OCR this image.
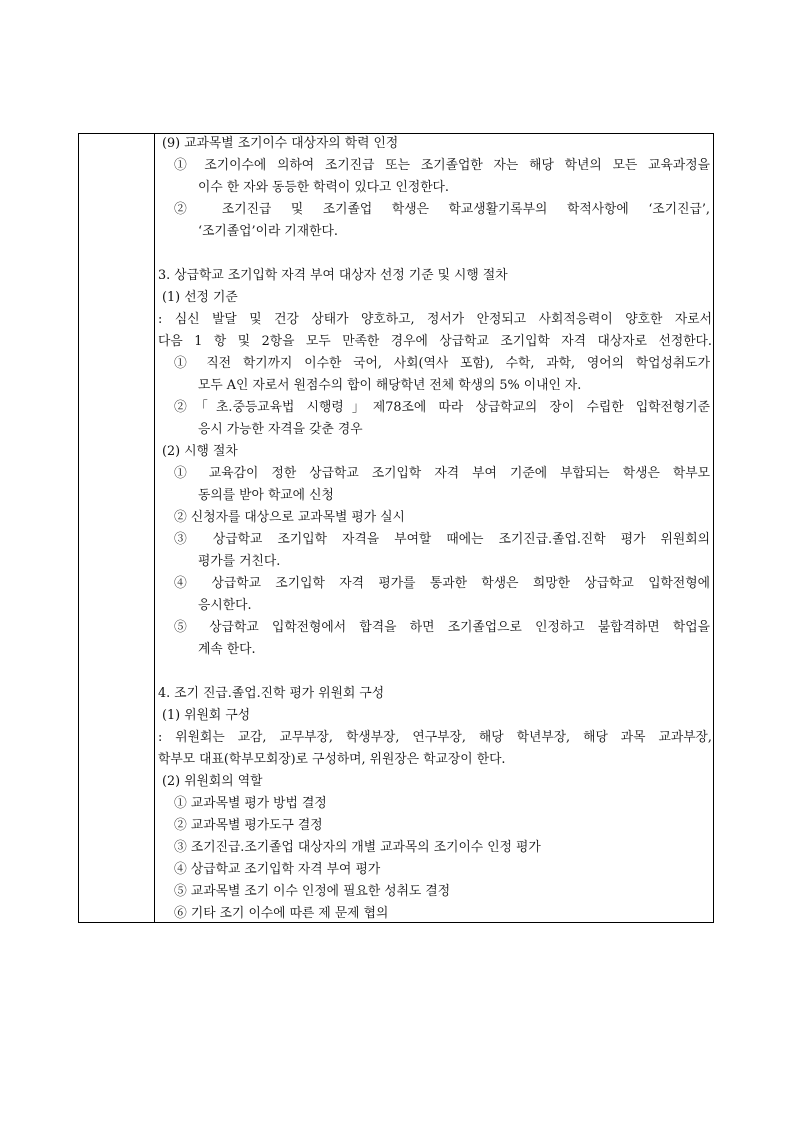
(9) 교과목별 조기이수 대상자의 학력 인정
① 조기이수에 의하여 조기진급 또는 조기졸업한 자는 해당 학년의 모든 교육과정을
이수 한 자와 동등한 학력이 있다고 인정한다.
② 조기진급 및 조기졸업 학생은 학교생활기록부의 학적사항에 ‘조기진급’,
‘조기졸업’이라 기재한다.
3. 상급학교 조기입학 자격 부여 대상자 선정 기준 및 시행 절차
(1) 선정 기준
: 심신 발달 및 건강 상태가 양호하고, 정서가 안정되고 사회적응력이 양호한 자로서
다음 1 항 및 2항을 모두 만족한 경우에 상급학교 조기입학 자격 대상자로 선정한다.
① 직전 학기까지 이수한 국어, 사회(역사 포함), 수학, 과학, 영어의 학업성취도가
모두 A인 자로서 원점수의 합이 해당학년 전체 학생의 5% 이내인 자.
②「초․중등교육법 시행령」제78조에 따라 상급학교의 장이 수립한 입학전형기준
응시 가능한 자격을 갖춘 경우
(2) 시행 절차
① 교육감이 정한 상급학교 조기입학 자격 부여 기준에 부합되는 학생은 학부모
동의를 받아 학교에 신청
② 신청자를 대상으로 교과목별 평가 실시
③ 상급학교 조기입학 자격을 부여할 때에는 조기진급.졸업.진학 평가 위원회의
평가를 거친다.
④ 상급학교 조기입학 자격 평가를 통과한 학생은 희망한 상급학교 입학전형에
응시한다.
⑤ 상급학교 입학전형에서 합격을 하면 조기졸업으로 인정하고 불합격하면 학업을
계속 한다.
4. 조기 진급.졸업.진학 평가 위원회 구성
(1) 위원회 구성
: 위원회는 교감, 교무부장, 학생부장, 연구부장, 해당 학년부장, 해당 과목 교과부장,
학부모 대표(학부모회장)로 구성하며, 위원장은 학교장이 한다.
(2) 위원회의 역할
① 교과목별 평가 방법 결정
② 교과목별 평가도구 결정
③ 조기진급.조기졸업 대상자의 개별 교과목의 조기이수 인정 평가
④ 상급학교 조기입학 자격 부여 평가
⑤ 교과목별 조기 이수 인정에 필요한 성취도 결정
⑥ 기타 조기 이수에 따른 제 문제 협의
